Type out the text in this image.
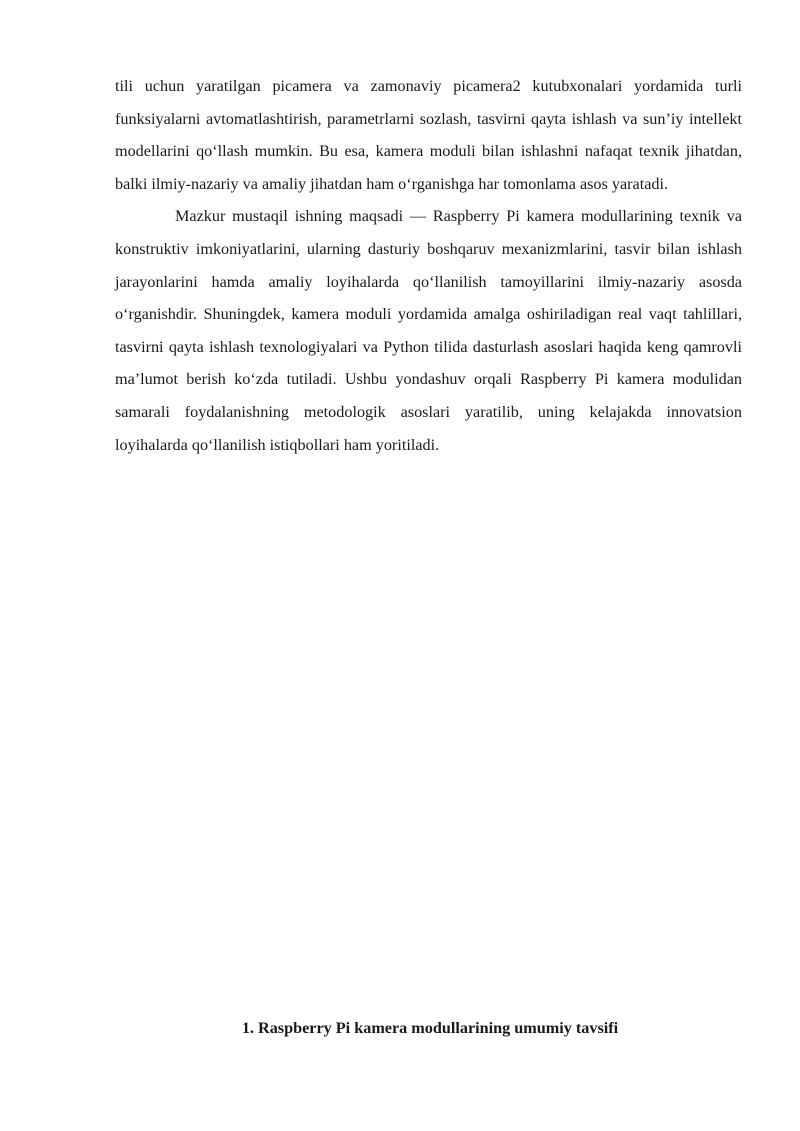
tili uchun yaratilgan picamera va zamonaviy picamera2 kutubxonalari yordamida turli funksiyalarni avtomatlashtirish, parametrlarni sozlash, tasvirni qayta ishlash va sun’iy intellekt modellarini qo‘llash mumkin. Bu esa, kamera moduli bilan ishlashni nafaqat texnik jihatdan, balki ilmiy-nazariy va amaliy jihatdan ham o‘rganishga har tomonlama asos yaratadi.

Mazkur mustaqil ishning maqsadi — Raspberry Pi kamera modullarining texnik va konstruktiv imkoniyatlarini, ularning dasturiy boshqaruv mexanizmlarini, tasvir bilan ishlash jarayonlarini hamda amaliy loyihalarda qo‘llanilish tamoyillarini ilmiy-nazariy asosda o‘rganishdir. Shuningdek, kamera moduli yordamida amalga oshiriladigan real vaqt tahlillari, tasvirni qayta ishlash texnologiyalari va Python tilida dasturlash asoslari haqida keng qamrovli ma’lumot berish ko‘zda tutiladi. Ushbu yondashuv orqali Raspberry Pi kamera modulidan samarali foydalanishning metodologik asoslari yaratilib, uning kelajakda innovatsion loyihalarda qo‘llanilish istiqbollari ham yoritiladi.

1. Raspberry Pi kamera modullarining umumiy tavsifi
